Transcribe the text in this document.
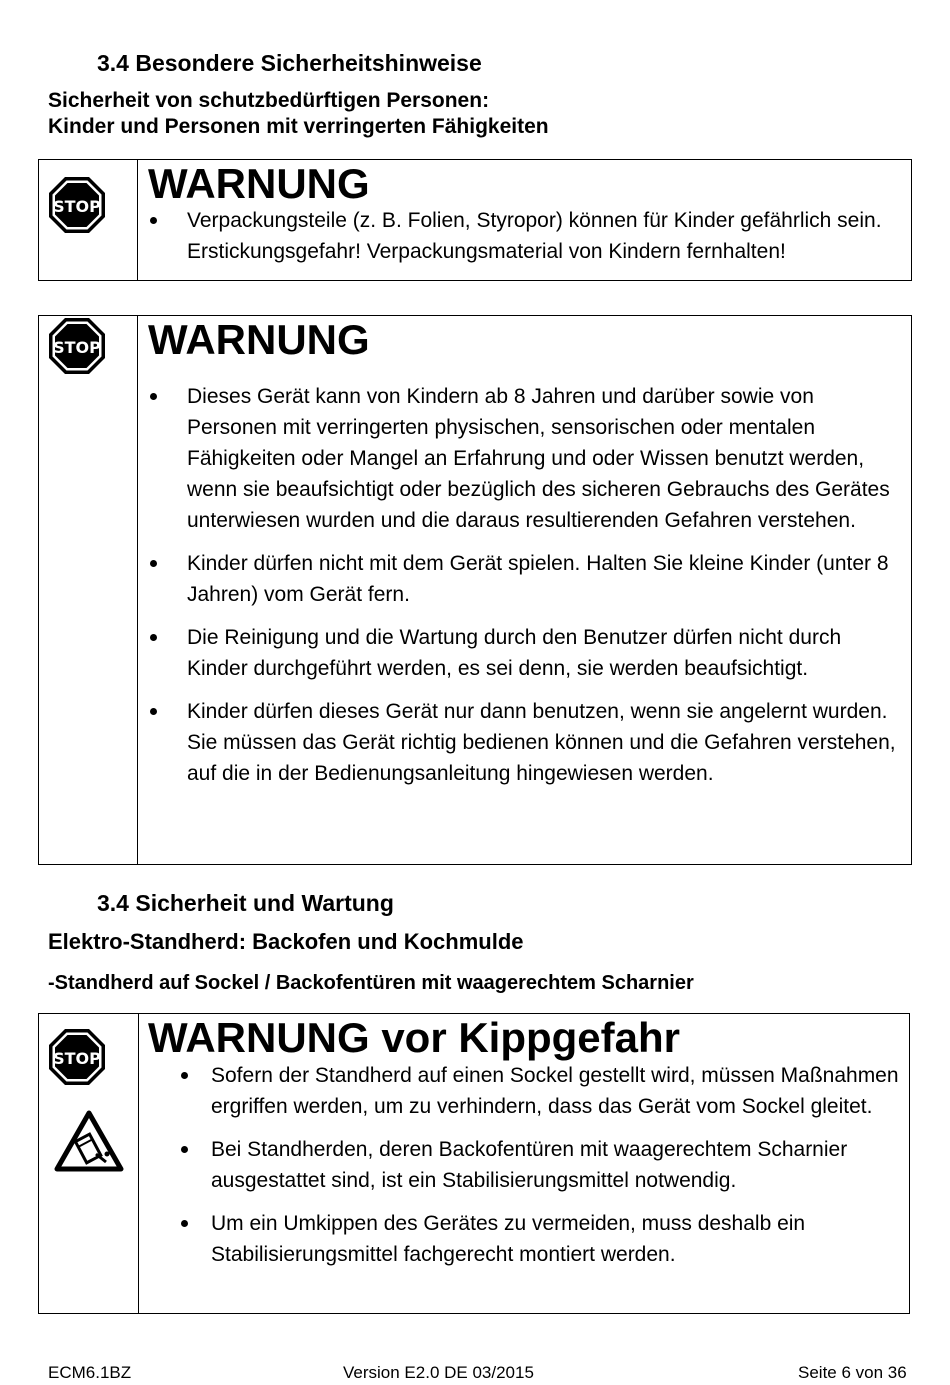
3.4 Besondere Sicherheitshinweise
Sicherheit von schutzbedürftigen Personen:
Kinder und Personen mit verringerten Fähigkeiten
STOP WARNUNG
Verpackungsteile (z. B. Folien, Styropor) können für Kinder gefährlich sein. Erstickungsgefahr! Verpackungsmaterial von Kindern fernhalten!
STOP WARNUNG
Dieses Gerät kann von Kindern ab 8 Jahren und darüber sowie von Personen mit verringerten physischen, sensorischen oder mentalen Fähigkeiten oder Mangel an Erfahrung und oder Wissen benutzt werden, wenn sie beaufsichtigt oder bezüglich des sicheren Gebrauchs des Gerätes unterwiesen wurden und die daraus resultierenden Gefahren verstehen.
Kinder dürfen nicht mit dem Gerät spielen. Halten Sie kleine Kinder (unter 8 Jahren) vom Gerät fern.
Die Reinigung und die Wartung durch den Benutzer dürfen nicht durch Kinder durchgeführt werden, es sei denn, sie werden beaufsichtigt.
Kinder dürfen dieses Gerät nur dann benutzen, wenn sie angelernt wurden. Sie müssen das Gerät richtig bedienen können und die Gefahren verstehen, auf die in der Bedienungsanleitung hingewiesen werden.
3.4 Sicherheit und Wartung
Elektro-Standherd: Backofen und Kochmulde
-Standherd auf Sockel / Backofentüren mit waagerechtem Scharnier
STOP WARNUNG vor Kippgefahr
Sofern der Standherd auf einen Sockel gestellt wird, müssen Maßnahmen ergriffen werden, um zu verhindern, dass das Gerät vom Sockel gleitet.
Bei Standherden, deren Backofentüren mit waagerechtem Scharnier ausgestattet sind, ist ein Stabilisierungsmittel notwendig.
Um ein Umkippen des Gerätes zu vermeiden, muss deshalb ein Stabilisierungsmittel fachgerecht montiert werden.
ECM6.1BZ	Version E2.0 DE 03/2015	Seite 6 von 36
